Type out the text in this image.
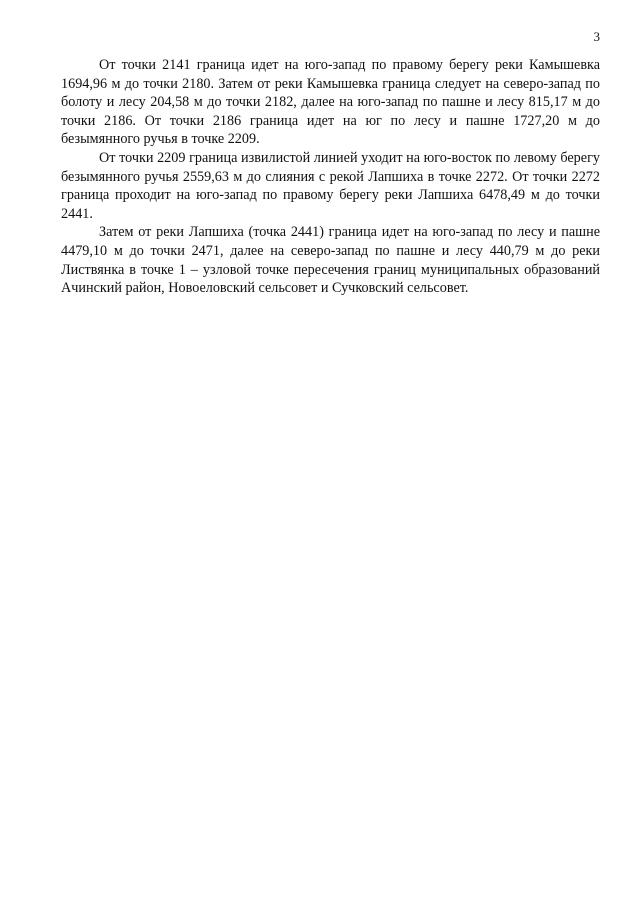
3

От точки 2141 граница идет на юго-запад по правому берегу реки Камышевка 1694,96 м до точки 2180. Затем от реки Камышевка граница следует на северо-запад по болоту и лесу 204,58 м до точки 2182, далее на юго-запад по пашне и лесу 815,17 м до точки 2186. От точки 2186 граница идет на юг по лесу и пашне 1727,20 м до безымянного ручья в точке 2209.

От точки 2209 граница извилистой линией уходит на юго-восток по левому берегу безымянного ручья 2559,63 м до слияния с рекой Лапшиха в точке 2272. От точки 2272 граница проходит на юго-запад по правому берегу реки Лапшиха 6478,49 м до точки 2441.

Затем от реки Лапшиха (точка 2441) граница идет на юго-запад по лесу и пашне 4479,10 м до точки 2471, далее на северо-запад по пашне и лесу 440,79 м до реки Листвянка в точке 1 – узловой точке пересечения границ муниципальных образований Ачинский район, Новоеловский сельсовет и Сучковский сельсовет.
